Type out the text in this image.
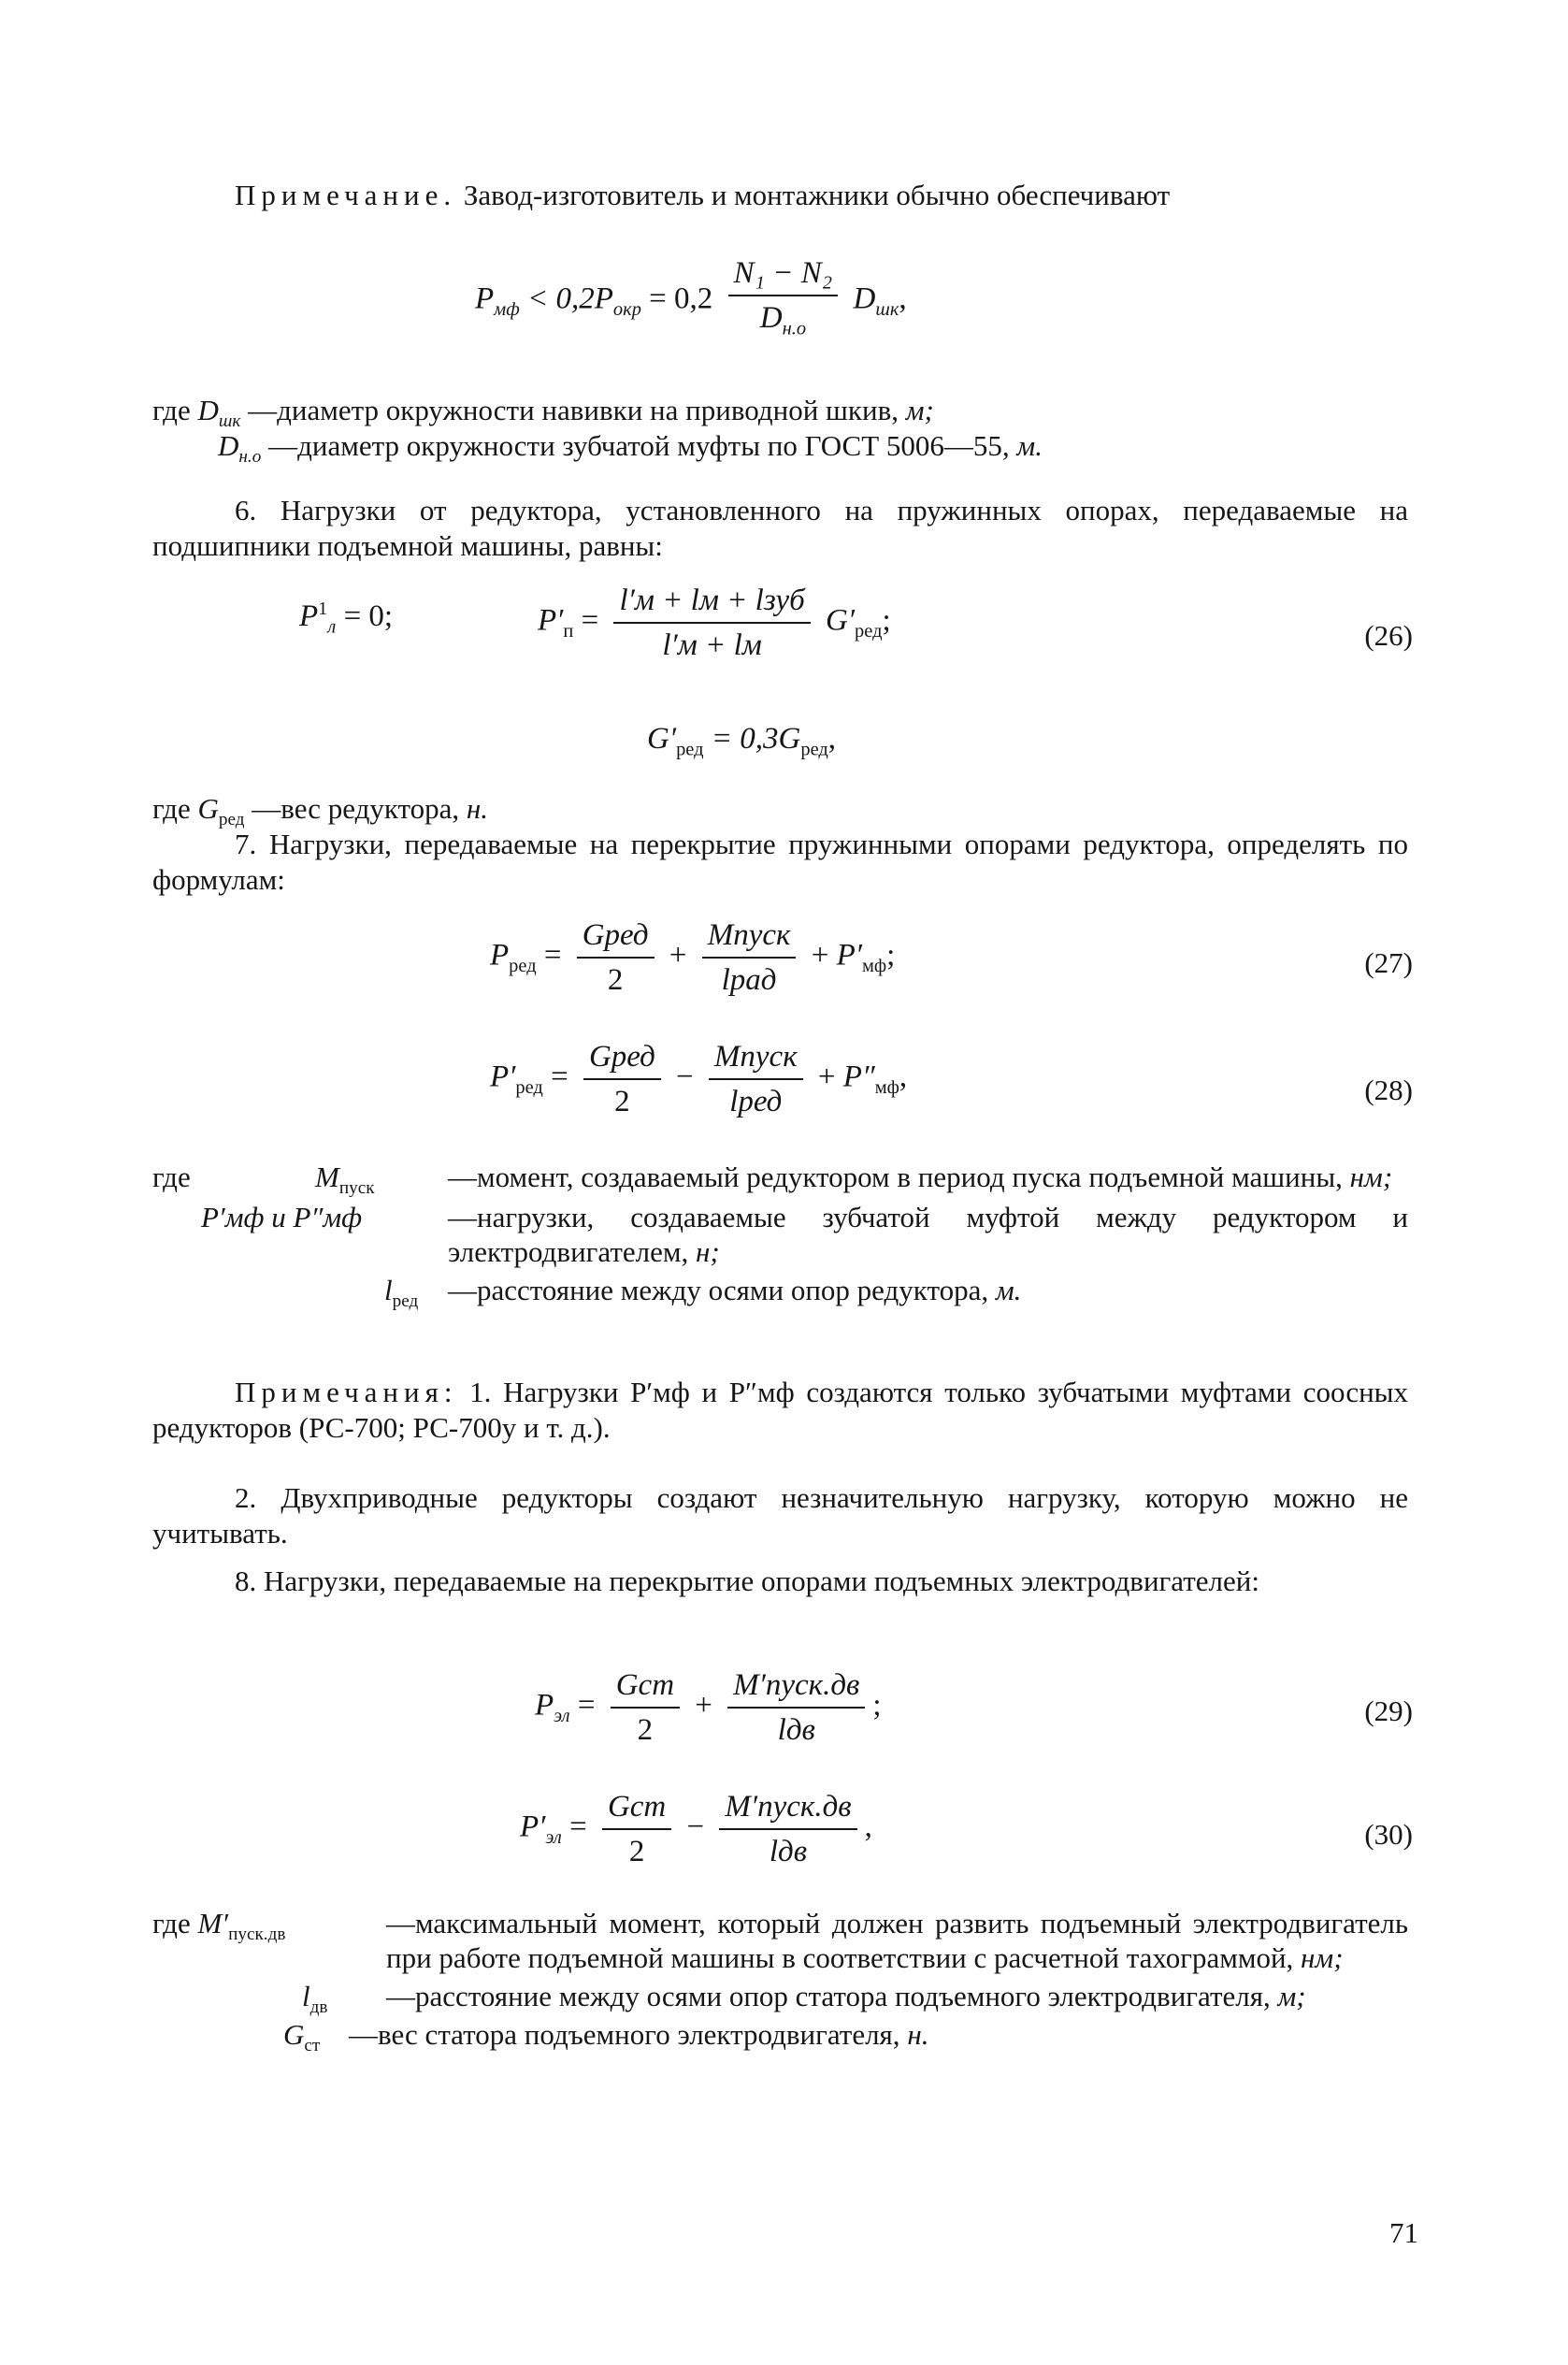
Примечание. Завод-изготовитель и монтажники обычно обеспечивают
$P_{мф} < 0,2P_{окр} = 0,2 \frac{\text{N₁ − N₂}}{D_{н.о}} D_{шк}$,
где $D_{шк}$ —диаметр окружности навивки на приводной шкив, м;
$D_{н.о}$ —диаметр окружности зубчатой муфты по ГОСТ 5006—55, м.
6. Нагрузки от редуктора, установленного на пружинных опорах, передаваемые на подшипники подъемной машины, равны:
$P^1_л = 0$;	$P'_п = \frac{\text{l′м + lм + lзуб}}{l'м + lм} G'_{ред}$;	(26)
$G'_{ред} = 0,3G_{ред}$,
где $G_{ред}$ —вес редуктора, н.
7. Нагрузки, передаваемые на перекрытие пружинными опорами редуктора, определять по формулам:
$P_{ред} = \frac{\text{Gред}}{2} + \frac{\text{Mпуск}}{\text{lрад}} + P'_{мф}$;	(27)
$P'_{ред} = \frac{\text{Gред}}{2} - \frac{\text{Mпуск}}{\text{lред}} + P''_{мф}$,	(28)
где	$M_{пуск}$	—момент, создаваемый редуктором в период пуска подъемной машины, нм;
P′мф и P″мф	—нагрузки, создаваемые зубчатой муфтой между редуктором и электродвигателем, н;
$l_{ред}$ —расстояние между осями опор редуктора, м.
Примечания: 1. Нагрузки P′мф и P″мф создаются только зубчатыми муфтами соосных редукторов (РС-700; РС-700у и т. д.).
2. Двухприводные редукторы создают незначительную нагрузку, которую можно не учитывать.
8. Нагрузки, передаваемые на перекрытие опорами подъемных электродвигателей:
$P_{эл} = \frac{\text{Gст}}{2} + \frac{\text{M′пуск.дв}}{\text{lдв}}$ ;	(29)
$P'_{эл} = \frac{\text{Gст}}{2} - \frac{\text{M′пуск.дв}}{\text{lдв}}$ ,	(30)
где $M'_{пуск.дв}$	—максимальный момент, который должен развить подъемный электродвигатель при работе подъемной машины в соответствии с расчетной тахограммой, нм;
$l_{дв}$ —расстояние между осями опор статора подъемного электродвигателя, м;
$G_{ст}$ —вес статора подъемного электродвигателя, н.
71
